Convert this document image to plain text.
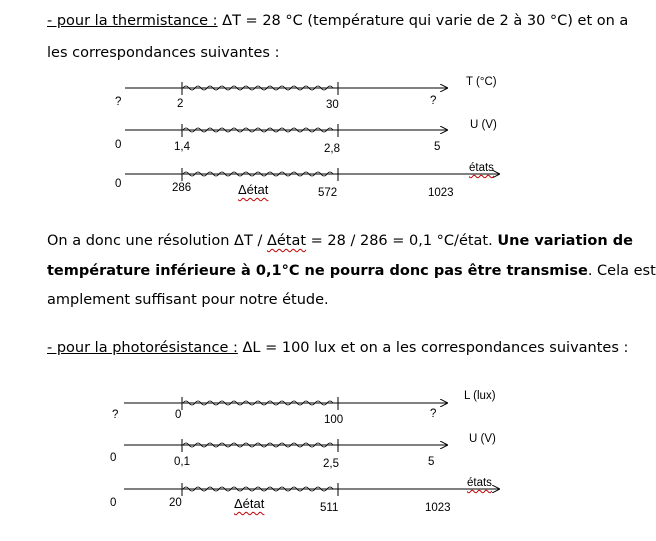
- pour la thermistance : ΔT = 28 °C (température qui varie de 2 à 30 °C) et on a
les correspondances suivantes :
On a donc une résolution ΔT / Δétat = 28 / 286 = 0,1 °C/état. Une variation de
température inférieure à 0,1°C ne pourra donc pas être transmise. Cela est
amplement suffisant pour notre étude.
- pour la photorésistance : ΔL = 100 lux et on a les correspondances suivantes :
T (°C)
?	2	30	?
U (V)
0	1,4	2,8	5
états
0	286	Δétat	572	1023
L (lux)
?	0	100	?
U (V)
0	0,1	2,5	5
états
0	20	Δétat	511	1023
